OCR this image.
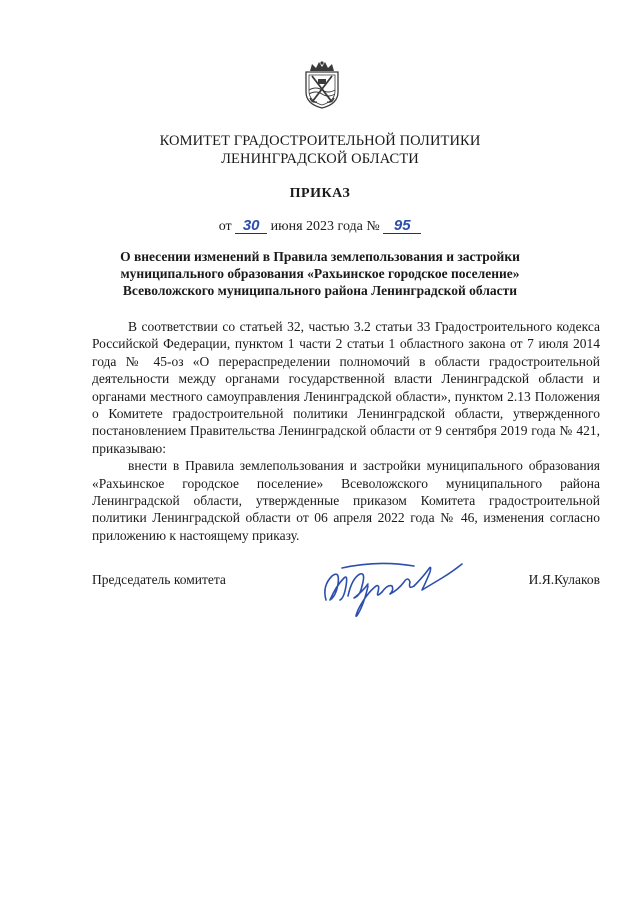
КОМИТЕТ ГРАДОСТРОИТЕЛЬНОЙ ПОЛИТИКИ
ЛЕНИНГРАДСКОЙ ОБЛАСТИ
ПРИКАЗ
от 30 июня 2023 года № 95
О внесении изменений в Правила землепользования и застройки
муниципального образования «Рахьинское городское поселение»
Всеволожского муниципального района Ленинградской области

В соответствии со статьей 32, частью 3.2 статьи 33 Градостроительного кодекса Российской Федерации, пунктом 1 части 2 статьи 1 областного закона от 7 июля 2014 года № 45-оз «О перераспределении полномочий в области градостроительной деятельности между органами государственной власти Ленинградской области и органами местного самоуправления Ленинградской области», пунктом 2.13 Положения о Комитете градостроительной политики Ленинградской области, утвержденного постановлением Правительства Ленинградской области от 9 сентября 2019 года № 421, приказываю:

внести в Правила землепользования и застройки муниципального образования «Рахьинское городское поселение» Всеволожского муниципального района Ленинградской области, утвержденные приказом Комитета градостроительной политики Ленинградской области от 06 апреля 2022 года № 46, изменения согласно приложению к настоящему приказу.

Председатель комитета	И.Я.Кулаков
